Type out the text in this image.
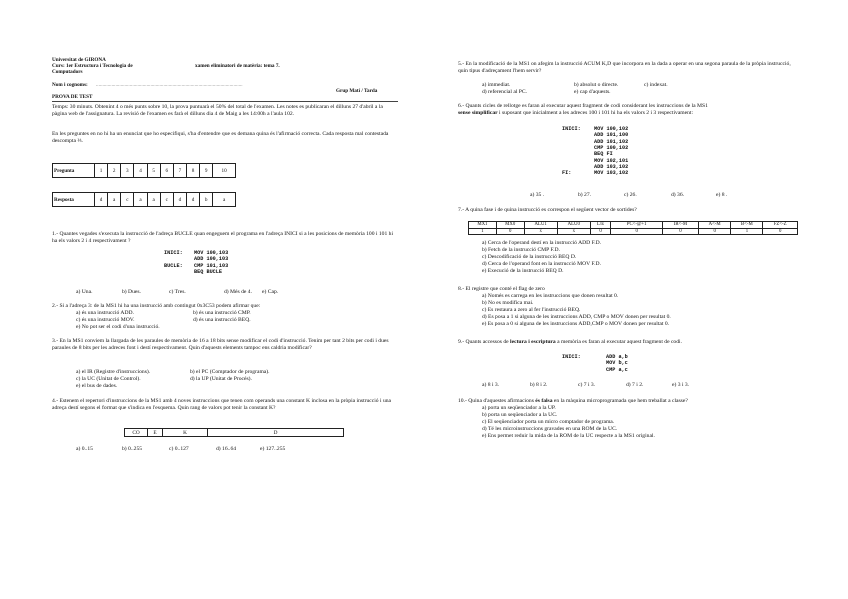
Universitat de GIRONA
Curs: 1er Estructura i Tecnologia de Computadors
xamen eliminatori de matèria: tema 7.
Nom i cognoms: .................................................................................................................
Grup Matí / Tarda
PROVA DE TEST
Temps: 30 minuts. Obtenint 4 o més punts sobre 10, la prova puntuarà el 50% del total de l'examen. Les notes es publicaran el dilluns 27 d'abril a la pàgina web de l'assignatura. La revisió de l'examen es farà el dilluns dia 4 de Maig a les 14:00h a l'aula 102.
En les preguntes en no hi ha un enunciat que ho especifiqui, s'ha d'entendre que es demana quina és l'afirmació correcta. Cada resposta mal contestada descompta ⅓.
Pregunta	1	2	3	4	5	6	7	8	9	10

Resposta	d	a	c	a	a	c	d	d	b	a
1.- Quantes vegades s'executa la instrucció de l'adreça BUCLE quan engeguem el programa en l'adreça INICI si a les posicions de memòria 100 i 101 hi ha els valors 2 i 4 respectivament ?
INICI: MOV 100,103
ADD 100,103
BUCLE: CMP 101,103
BEQ BUCLE
a) Una.	b) Dues.	c) Tres.	d) Més de 4. e) Cap.
2.- Si a l'adreça 3: de la MS1 hi ha una instrucció amb contingut 0x3C53 podem afirmar que:
a) és una instrucció ADD.	b) és una instrucció CMP.
c) és una instrucció MOV.	d) és una instrucció BEQ.
e) No pot ser el codi d'una instrucció.
3.- En la MS1 conviem la llargada de les paraules de memòria de 16 a 18 bits sense modificar el codi d'instrucció. Tenim per tant 2 bits per codi i dues paraules de 8 bits per les adreces font i destí respectivament. Quin d'aquests elements tampoc ens caldria modificar?
a) el IR (Registre d'instruccions).	b) el PC (Comptador de programa).
c) la UC (Unitat de Control).	d) la UP (Unitat de Procés).
e) el bus de dades.
4.- Estenem el repertori d'instruccions de la MS1 amb 4 noves instruccions que tenen com operands una constant K inclosa en la pròpia instrucció i una adreça destí segons el format que s'indica en l'esquema. Quin rang de valors pot tenir la constant K?
CO	E	K	D
a) 0..15	b) 0..255	c) 0..127	d) 16..64	e) 127..255
5.- En la modificació de la MS1 on afegim la instrucció ACUM K,D que incorpora en la dada a operar en una segona paraula de la pròpia instrucció, quin tipus d'adreçament l'hem servir?
a) immediat.	b) absolut o directe.	c) indexat.
d) referencial al PC.	e) cap d'aquests.
6.- Quants cicles de rellotge es faran al executar aquest fragment de codi considerant les instruccions de la MS1
sense simplificar i suposant que inicialment a les adreces 100 i 101 hi ha els valors 2 i 3 respectivament:
INICI:	MOV 100,102
ADD 101,100
ADD 101,102
CMP 100,102
BEQ FI
MOV 102,101
ADD 103,102
FI:	MOV 103,102
a) 35 .	b) 27.	c) 26.	d) 36.	e) 8 .
7.- A quina fase i de quina instrucció es correspon el següent vector de sortides?
MX1	MX0	ALU1	ALU0	L/E	PC<-@+1	IR<-M	A<-M	B<-M	FZ<-Z
1	0	x	x	0	0	0	0	1	0
a) Cerca de l'operand destí en la instrucció ADD F.D.
b) Fetch de la instrucció CMP F.D.
c) Descodificació de la instrucció BEQ D.
d) Cerca de l'operand font en la instrucció MOV F.D.
e) Execució de la instrucció BEQ D.
8.- El registre que conté el flag de zero
a) Només es carrega en les instruccions que donen resultat 0.
b) No es modifica mai.
c) Es restaura a zero al fer l'instrucció BEQ.
d) Es posa a 1 si alguna de les instruccions ADD, CMP o MOV donen per resultat 0.
e) Es posa a 0 si alguna de les instruccions ADD,CMP o MOV donen per resultat 0.
9.- Quants accessos de lectura i escriptura a memòria es faran al executar aquest fragment de codi.
INICI:	ADD a,b
MOV b,c
CMP a,c
a) 8 i 3.	b) 8 i 2.	c) 7 i 3.	d) 7 i 2.	e) 3 i 3.
10.- Quina d'aquestes afirmacions és falsa en la màquina microprogramada que hem treballat a classe?
a) porta un seqüenciador a la UP.
b) porta un seqüenciador a la UC.
c) El seqüenciador porta un micro comptador de programa.
d) Té les microinstruccions gravades en una ROM de la UC.
e) Ens permet reduir la mida de la ROM de la UC respecte a la MS1 original.
